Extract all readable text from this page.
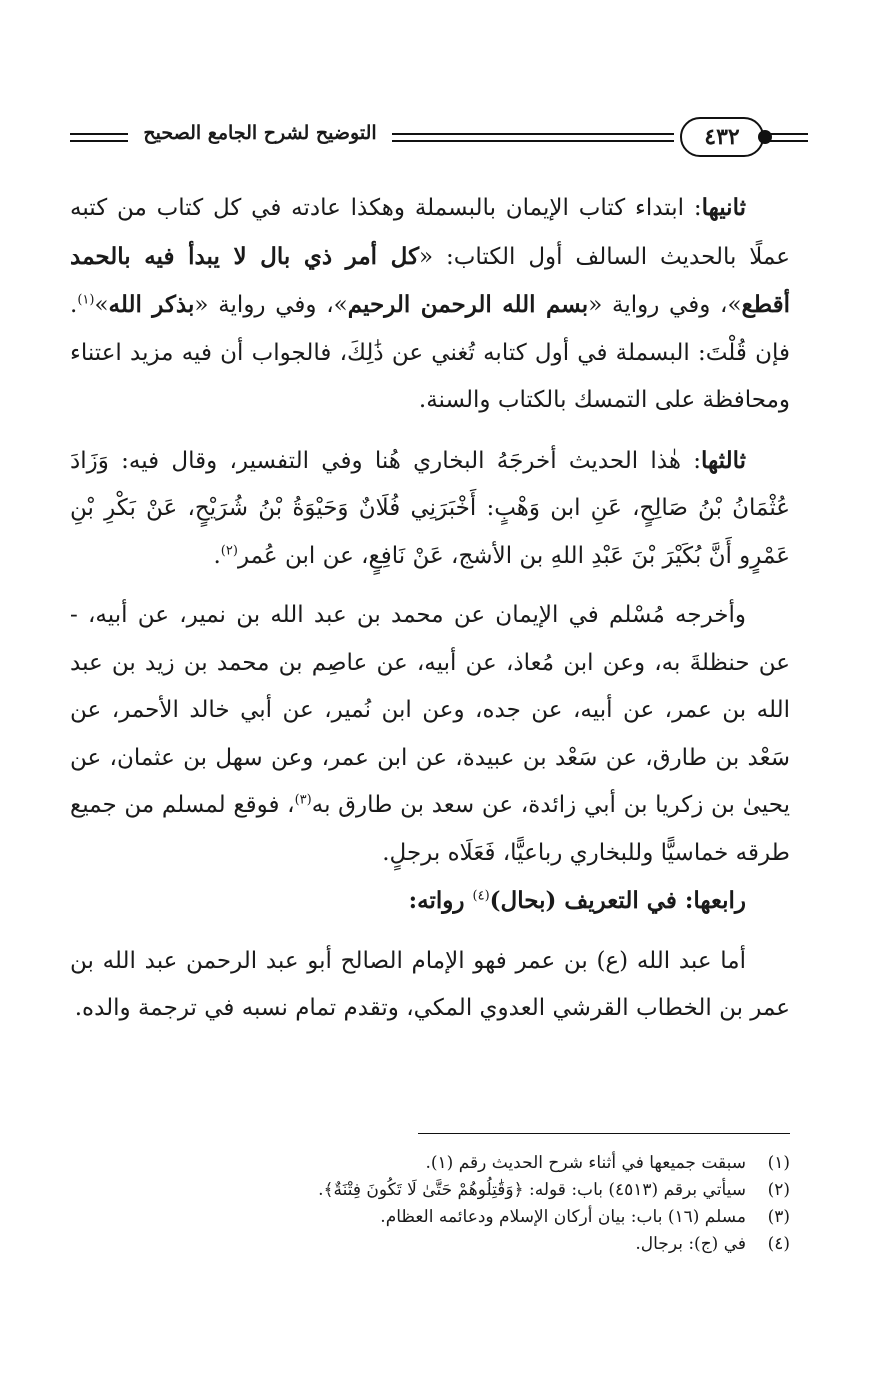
التوضيح لشرح الجامع الصحيح	٤٣٢

ثانيها: ابتداء كتاب الإيمان بالبسملة وهكذا عادته في كل كتاب من كتبه عملًا بالحديث السالف أول الكتاب: «كل أمر ذي بال لا يبدأ فيه بالحمد أقطع»، وفي رواية «بسم الله الرحمن الرحيم»، وفي رواية «بذكر الله»$^{(١)}$. فإن قُلْتَ: البسملة في أول كتابه تُغني عن ذَٰلِكَ، فالجواب أن فيه مزيد اعتناء ومحافظة على التمسك بالكتاب والسنة.

ثالثها: هٰذا الحديث أخرجَهُ البخاري هُنا وفي التفسير، وقال فيه: وَزَادَ عُثْمَانُ بْنُ صَالِحٍ، عَنِ ابن وَهْبٍ: أَخْبَرَنِي فُلَانٌ وَحَيْوَةُ بْنُ شُرَيْحٍ، عَنْ بَكْرِ بْنِ عَمْرٍو أَنَّ بُكَيْرَ بْنَ عَبْدِ اللهِ بن الأشج، عَنْ نَافِعٍ، عن ابن عُمر$^{(٢)}$.

وأخرجه مُسْلم في الإيمان عن محمد بن عبد الله بن نمير، عن أبيه، - عن حنظلةَ به، وعن ابن مُعاذ، عن أبيه، عن عاصِم بن محمد بن زيد بن عبد الله بن عمر، عن أبيه، عن جده، وعن ابن نُمير، عن أبي خالد الأحمر، عن سَعْد بن طارق، عن سَعْد بن عبيدة، عن ابن عمر، وعن سهل بن عثمان، عن يحيىٰ بن زكريا بن أبي زائدة، عن سعد بن طارق به$^{(٣)}$، فوقع لمسلم من جميع طرقه خماسيًّا وللبخاري رباعيًّا، فَعَلَاه برجلٍ.

رابعها: في التعريف (بحال)$^{(٤)}$ رواته:

أما عبد الله (ع) بن عمر فهو الإمام الصالح أبو عبد الرحمن عبد الله بن عمر بن الخطاب القرشي العدوي المكي، وتقدم تمام نسبه في ترجمة والده.

(١)
سبقت جميعها في أثناء شرح الحديث رقم (١).
(٢)
سيأتي برقم (٤٥١٣) باب: قوله: ﴿وَقَٰتِلُوهُمْ حَتَّىٰ لَا تَكُونَ فِتْنَةٌ﴾.
(٣)
مسلم (١٦) باب: بيان أركان الإسلام ودعائمه العظام.
(٤)
في (ج): برجال.
